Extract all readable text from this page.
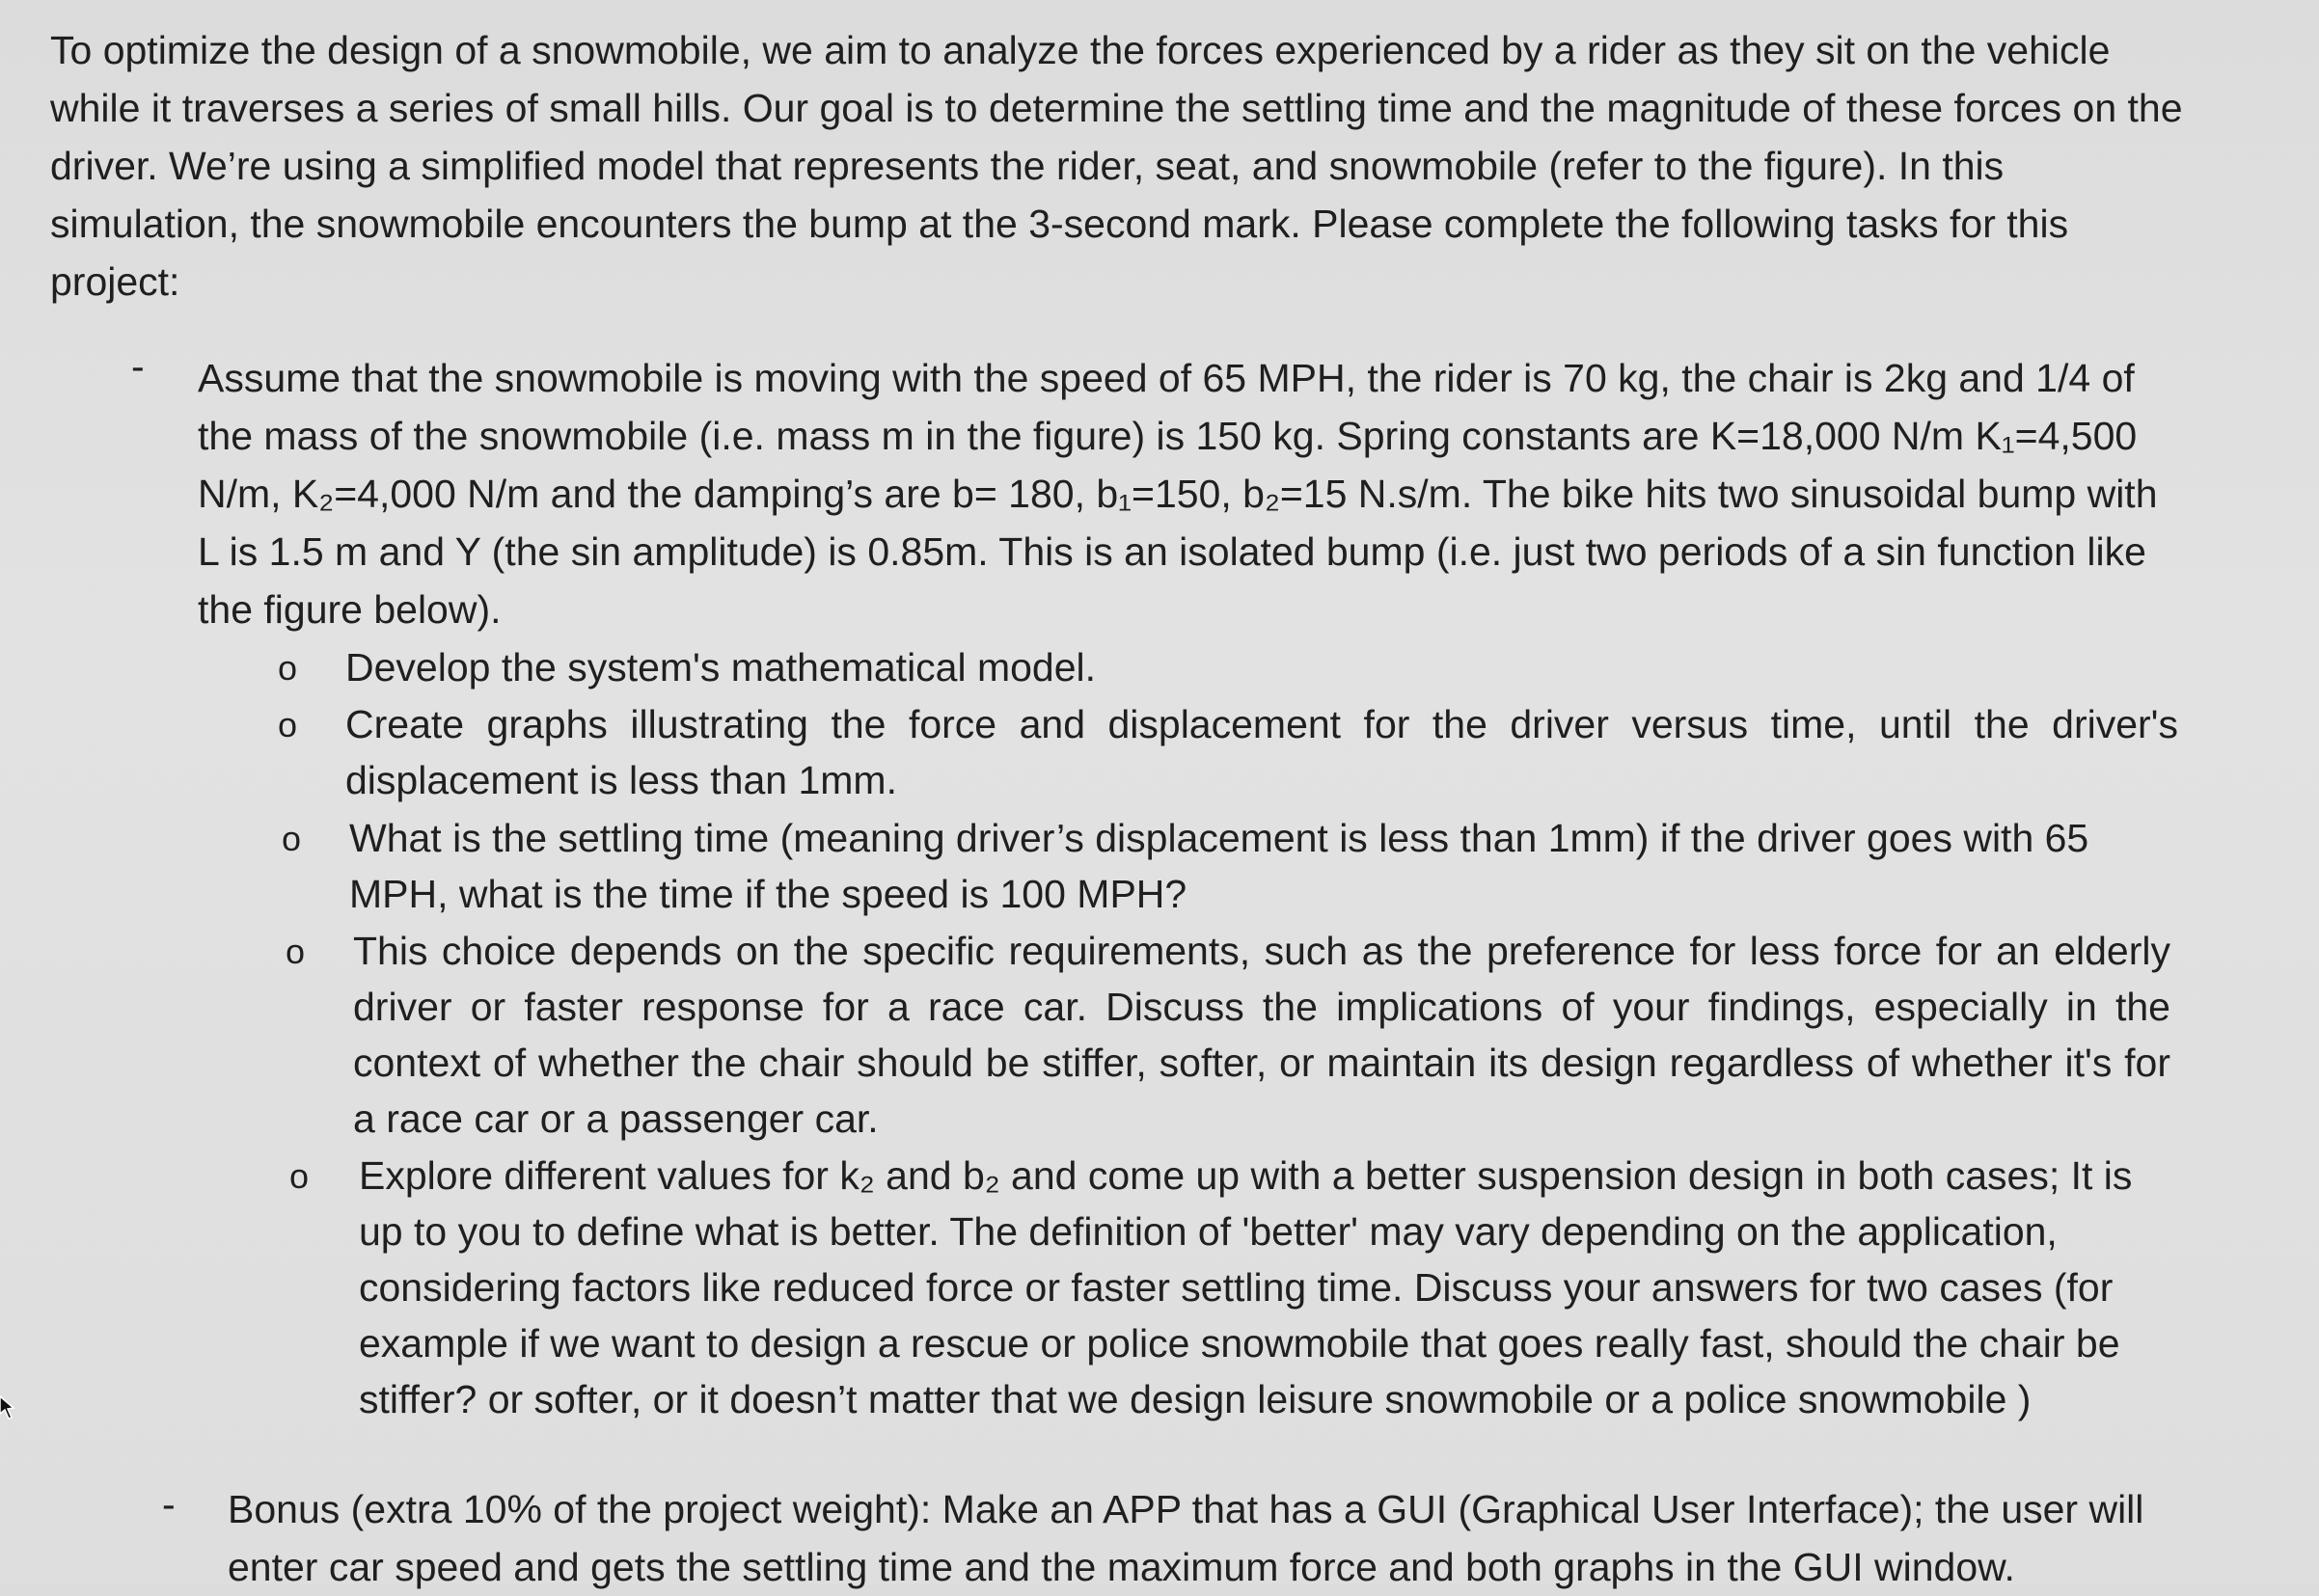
To optimize the design of a snowmobile, we aim to analyze the forces experienced by a rider as they sit on the vehicle while it traverses a series of small hills. Our goal is to determine the settling time and the magnitude of these forces on the driver. We’re using a simplified model that represents the rider, seat, and snowmobile (refer to the figure). In this simulation, the snowmobile encounters the bump at the 3-second mark. Please complete the following tasks for this project:

- Assume that the snowmobile is moving with the speed of 65 MPH, the rider is 70 kg, the chair is 2kg and 1/4 of the mass of the snowmobile (i.e. mass m in the figure) is 150 kg. Spring constants are K=18,000 N/m K₁=4,500 N/m, K₂=4,000 N/m and the damping’s are b= 180, b₁=150, b₂=15 N.s/m. The bike hits two sinusoidal bump with L is 1.5 m and Y (the sin amplitude) is 0.85m. This is an isolated bump (i.e. just two periods of a sin function like the figure below).

o Develop the system's mathematical model.

o Create graphs illustrating the force and displacement for the driver versus time, until the driver's displacement is less than 1mm.

o What is the settling time (meaning driver’s displacement is less than 1mm) if the driver goes with 65 MPH, what is the time if the speed is 100 MPH?

o This choice depends on the specific requirements, such as the preference for less force for an elderly driver or faster response for a race car. Discuss the implications of your findings, especially in the context of whether the chair should be stiffer, softer, or maintain its design regardless of whether it's for a race car or a passenger car.

o Explore different values for k₂ and b₂ and come up with a better suspension design in both cases; It is up to you to define what is better. The definition of 'better' may vary depending on the application, considering factors like reduced force or faster settling time. Discuss your answers for two cases (for example if we want to design a rescue or police snowmobile that goes really fast, should the chair be stiffer? or softer, or it doesn’t matter that we design leisure snowmobile or a police snowmobile )

- Bonus (extra 10% of the project weight): Make an APP that has a GUI (Graphical User Interface); the user will enter car speed and gets the settling time and the maximum force and both graphs in the GUI window.
